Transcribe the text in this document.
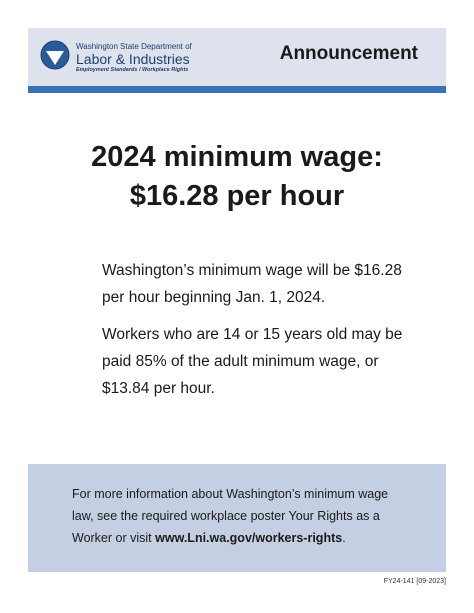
Washington State Department of
Labor & Industries
Employment Standards / Workplace Rights
Announcement
2024 minimum wage:
$16.28 per hour

Washington’s minimum wage will be $16.28 per hour beginning Jan. 1, 2024.

Workers who are 14 or 15 years old may be paid 85% of the adult minimum wage, or $13.84 per hour.

For more information about Washington’s minimum wage law, see the required workplace poster Your Rights as a Worker or visit www.Lni.wa.gov/workers-rights.
FY24-141 [09-2023]
